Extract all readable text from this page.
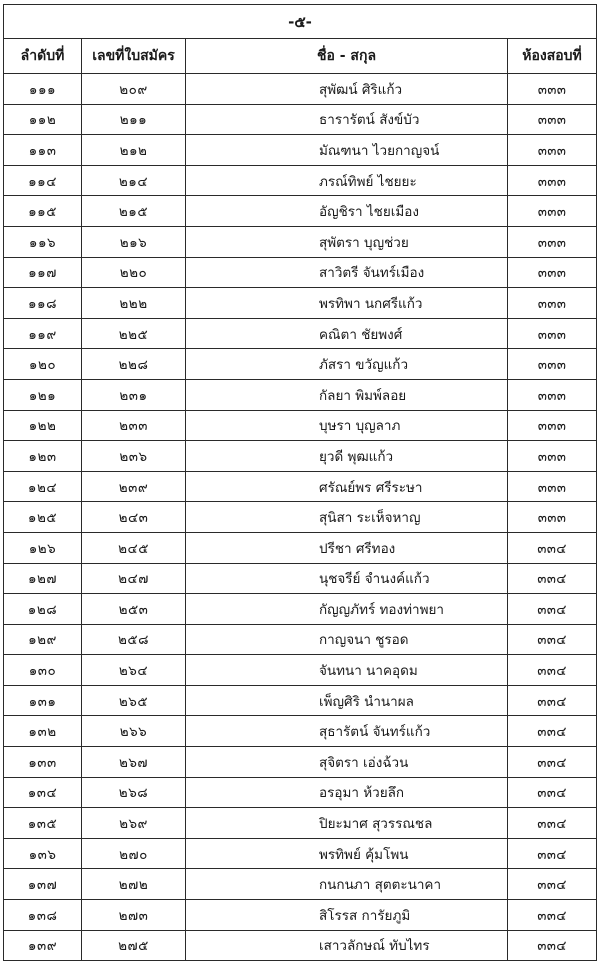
-๕-			
ลำดับที่	เลขที่ใบสมัคร	ชื่อ - สกุล	ห้องสอบที่
๑๑๑	๒๐๙	สุพัฒน์ ศิริแก้ว	๓๓๓
๑๑๒	๒๑๑	ธารารัตน์ สังข์บัว	๓๓๓
๑๑๓	๒๑๒	มัณฑนา ไวยกาญจน์	๓๓๓
๑๑๔	๒๑๔	ภรณ์ทิพย์ ไชยยะ	๓๓๓
๑๑๕	๒๑๕	อัญชิรา ไชยเมือง	๓๓๓
๑๑๖	๒๑๖	สุพัตรา บุญช่วย	๓๓๓
๑๑๗	๒๒๐	สาวิตรี จันทร์เมือง	๓๓๓
๑๑๘	๒๒๒	พรทิพา นกศรีแก้ว	๓๓๓
๑๑๙	๒๒๕	คณิตา ชัยพงศ์	๓๓๓
๑๒๐	๒๒๘	ภัสรา ขวัญแก้ว	๓๓๓
๑๒๑	๒๓๑	กัลยา พิมพ์ลอย	๓๓๓
๑๒๒	๒๓๓	บุษรา บุญลาภ	๓๓๓
๑๒๓	๒๓๖	ยุวดี พุฒแก้ว	๓๓๓
๑๒๔	๒๓๙	ศรัณย์พร ศรีระษา	๓๓๓
๑๒๕	๒๔๓	สุนิสา ระเห็จหาญ	๓๓๓
๑๒๖	๒๔๕	ปรีชา ศรีทอง	๓๓๔
๑๒๗	๒๔๗	นุชจรีย์ จำนงค์แก้ว	๓๓๔
๑๒๘	๒๕๓	กัญญภัทร์ ทองท่าพยา	๓๓๔
๑๒๙	๒๕๘	กาญจนา ชูรอด	๓๓๔
๑๓๐	๒๖๔	จันทนา นาคอุดม	๓๓๔
๑๓๑	๒๖๕	เพ็ญศิริ นำนาผล	๓๓๔
๑๓๒	๒๖๖	สุธารัตน์ จันทร์แก้ว	๓๓๔
๑๓๓	๒๖๗	สุจิตรา เอ่งฉ้วน	๓๓๔
๑๓๔	๒๖๘	อรอุมา ห้วยลึก	๓๓๔
๑๓๕	๒๖๙	ปิยะมาศ สุวรรณชล	๓๓๔
๑๓๖	๒๗๐	พรทิพย์ คุ้มโพน	๓๓๔
๑๓๗	๒๗๒	กนกนภา สุตตะนาคา	๓๓๔
๑๓๘	๒๗๓	สิโรรส การัยภูมิ	๓๓๔
๑๓๙	๒๗๕	เสาวลักษณ์ ทับไทร	๓๓๔
